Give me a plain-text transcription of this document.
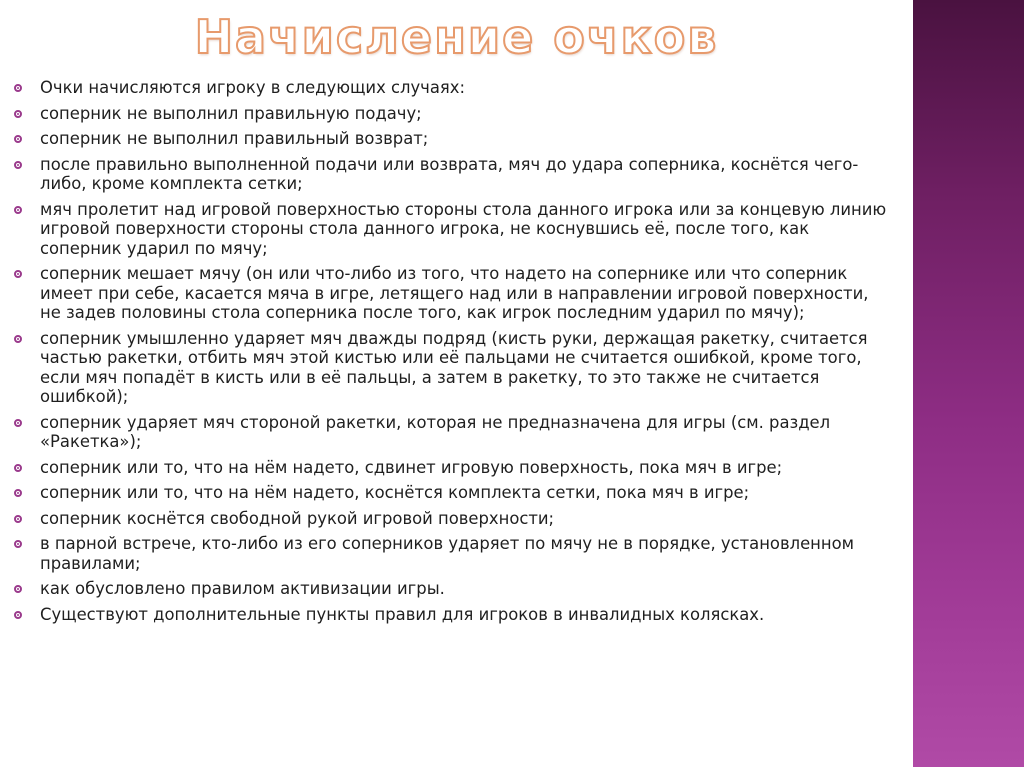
Начисление очков
Очки начисляются игроку в следующих случаях:
соперник не выполнил правильную подачу;
соперник не выполнил правильный возврат;
после правильно выполненной подачи или возврата, мяч до удара соперника, коснётся чего-либо, кроме комплекта сетки;
мяч пролетит над игровой поверхностью стороны стола данного игрока или за концевую линию игровой поверхности стороны стола данного игрока, не коснувшись её, после того, как соперник ударил по мячу;
соперник мешает мячу (он или что-либо из того, что надето на сопернике или что соперник имеет при себе, касается мяча в игре, летящего над или в направлении игровой поверхности, не задев половины стола соперника после того, как игрок последним ударил по мячу);
соперник умышленно ударяет мяч дважды подряд (кисть руки, держащая ракетку, считается частью ракетки, отбить мяч этой кистью или её пальцами не считается ошибкой, кроме того, если мяч попадёт в кисть или в её пальцы, а затем в ракетку, то это также не считается ошибкой);
соперник ударяет мяч стороной ракетки, которая не предназначена для игры (см. раздел «Ракетка»);
соперник или то, что на нём надето, сдвинет игровую поверхность, пока мяч в игре;
соперник или то, что на нём надето, коснётся комплекта сетки, пока мяч в игре;
соперник коснётся свободной рукой игровой поверхности;
в парной встрече, кто-либо из его соперников ударяет по мячу не в порядке, установленном правилами;
как обусловлено правилом активизации игры.
Существуют дополнительные пункты правил для игроков в инвалидных колясках.
